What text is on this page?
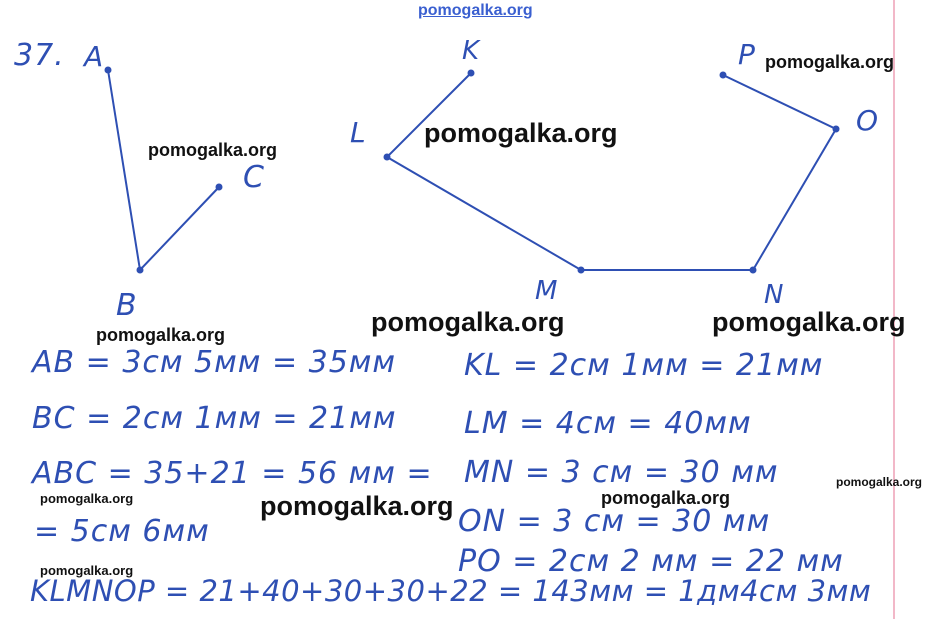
pomogalka.org
37. A
B
C
K
L
M	N
O
P
AB = 3см 5мм = 35мм
BC = 2см 1мм = 21мм
ABC = 35+21 = 56 мм =
= 5см 6мм
KL = 2см 1мм = 21мм
LM = 4см = 40мм
MN = 3 см = 30 мм
ON = 3 см = 30 мм
PO = 2см 2 мм = 22 мм
KLMNOP = 21+40+30+30+22 = 143мм = 1дм4см 3мм
pomogalka.org
pomogalka.org
pomogalka.org
pomogalka.org	pomogalka.org	pomogalka.org
pomogalka.org	pomogalka.org	pomogalka.org
pomogalka.org
pomogalka.org
